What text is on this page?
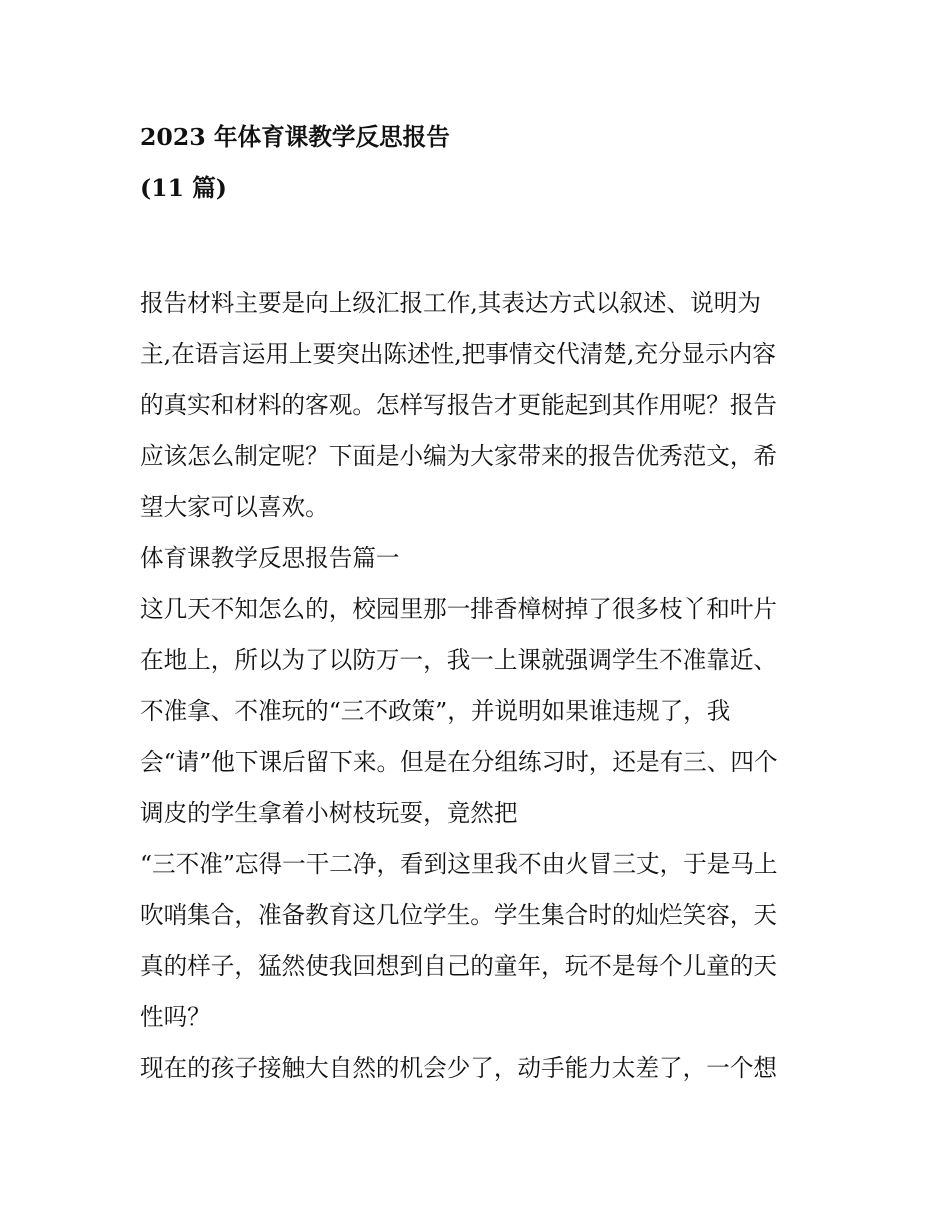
2023 年体育课教学反思报告
(11 篇)
报告材料主要是向上级汇报工作,其表达方式以叙述、说明为
主,在语言运用上要突出陈述性,把事情交代清楚,充分显示内容
的真实和材料的客观。怎样写报告才更能起到其作用呢？报告
应该怎么制定呢？下面是小编为大家带来的报告优秀范文，希
望大家可以喜欢。
体育课教学反思报告篇一
这几天不知怎么的，校园里那一排香樟树掉了很多枝丫和叶片
在地上，所以为了以防万一，我一上课就强调学生不准靠近、
不准拿、不准玩的“三不政策”，并说明如果谁违规了，我
会“请”他下课后留下来。但是在分组练习时，还是有三、四个
调皮的学生拿着小树枝玩耍，竟然把
“三不准”忘得一干二净，看到这里我不由火冒三丈，于是马上
吹哨集合，准备教育这几位学生。学生集合时的灿烂笑容，天
真的样子，猛然使我回想到自己的童年，玩不是每个儿童的天
性吗？
现在的孩子接触大自然的机会少了，动手能力太差了，一个想
